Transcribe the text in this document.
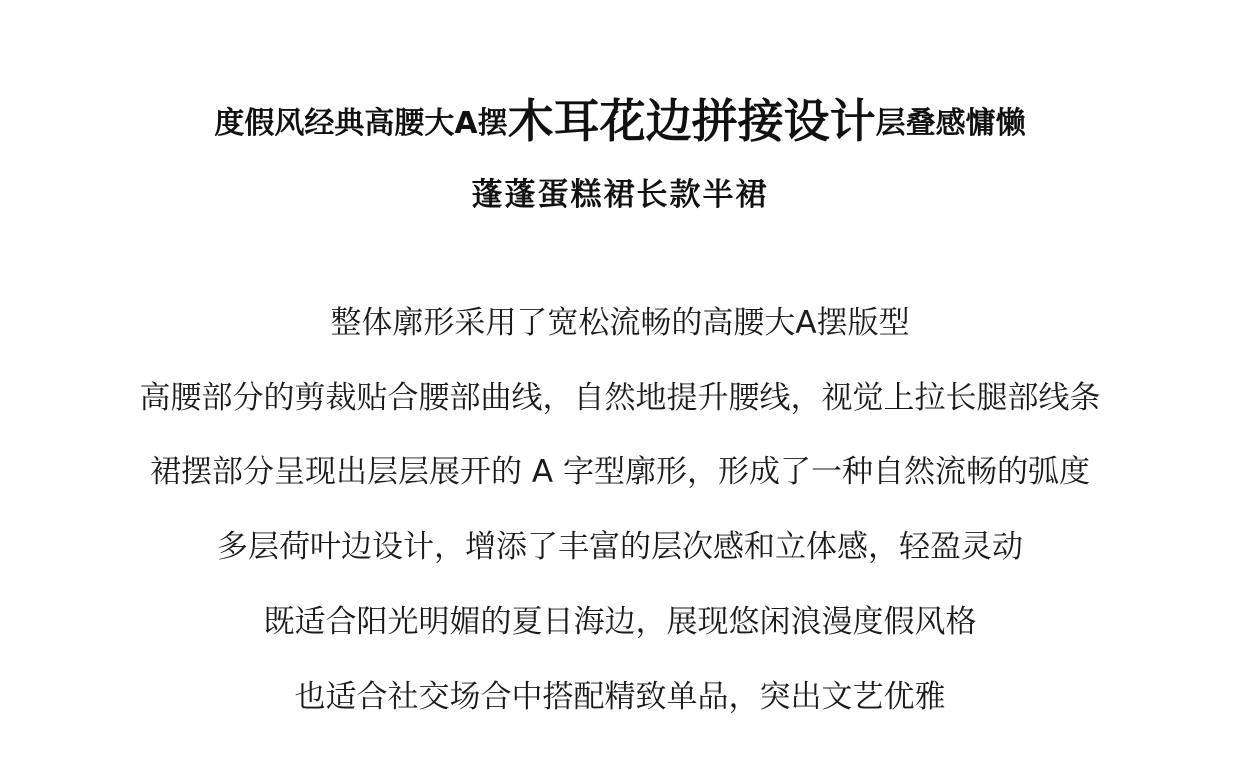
度假风经典高腰大A摆木耳花边拼接设计层叠感慵懒
蓬蓬蛋糕裙长款半裙
整体廓形采用了宽松流畅的高腰大A摆版型
高腰部分的剪裁贴合腰部曲线，自然地提升腰线，视觉上拉长腿部线条
裙摆部分呈现出层层展开的 A 字型廓形，形成了一种自然流畅的弧度
多层荷叶边设计，增添了丰富的层次感和立体感，轻盈灵动
既适合阳光明媚的夏日海边，展现悠闲浪漫度假风格
也适合社交场合中搭配精致单品，突出文艺优雅
